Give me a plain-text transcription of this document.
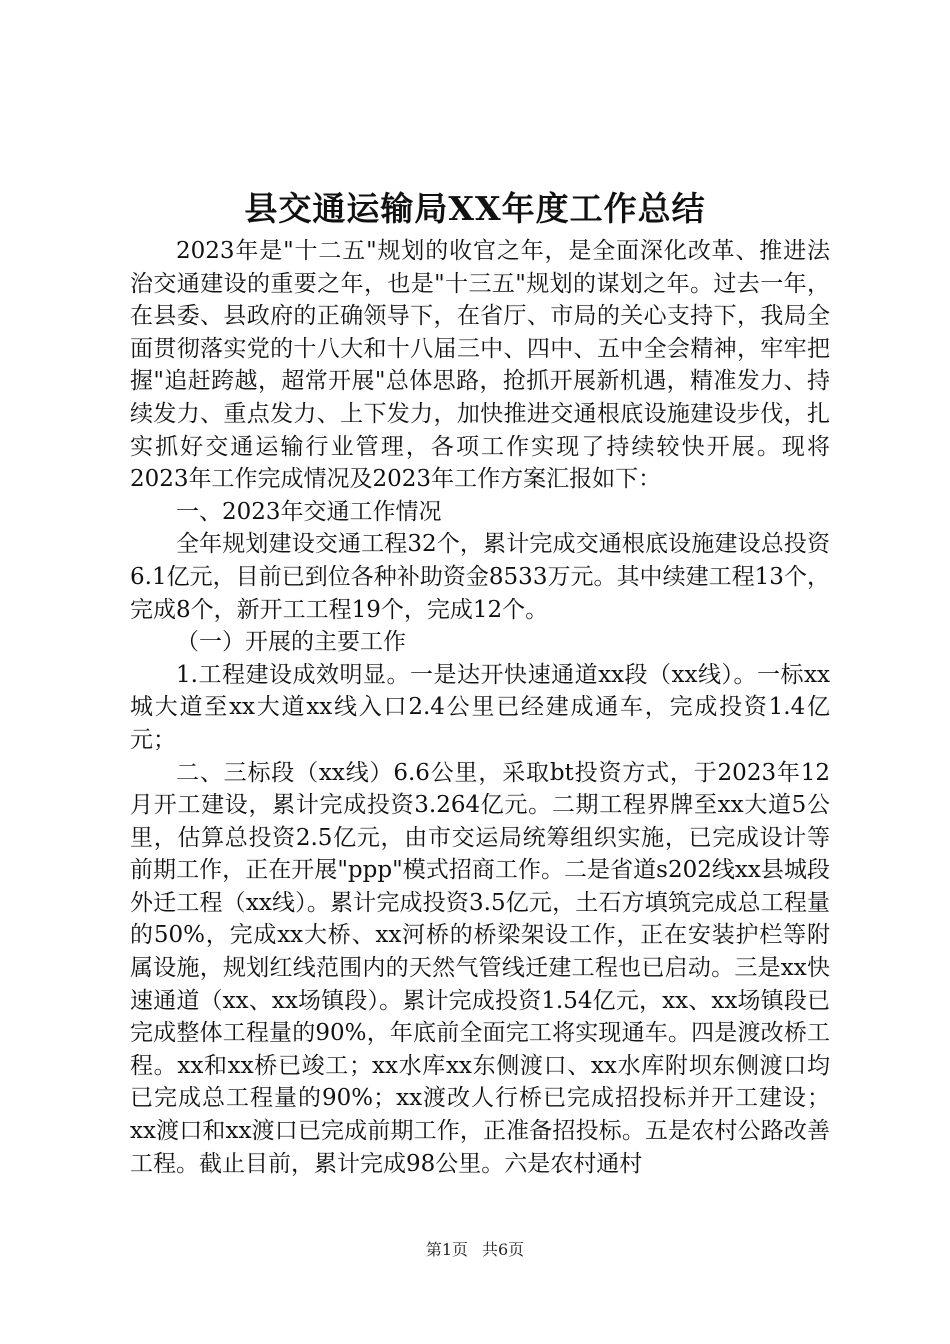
县交通运输局XX年度工作总结

2023年是"十二五"规划的收官之年，是全面深化改革、推进法治交通建设的重要之年，也是"十三五"规划的谋划之年。过去一年，在县委、县政府的正确领导下，在省厅、市局的关心支持下，我局全面贯彻落实党的十八大和十八届三中、四中、五中全会精神，牢牢把握"追赶跨越，超常开展"总体思路，抢抓开展新机遇，精准发力、持续发力、重点发力、上下发力，加快推进交通根底设施建设步伐，扎实抓好交通运输行业管理，各项工作实现了持续较快开展。现将2023年工作完成情况及2023年工作方案汇报如下：

一、2023年交通工作情况

全年规划建设交通工程32个，累计完成交通根底设施建设总投资6.1亿元，目前已到位各种补助资金8533万元。其中续建工程13个，完成8个，新开工工程19个，完成12个。

（一）开展的主要工作

1.工程建设成效明显。一是达开快速通道xx段（xx线）。一标xx城大道至xx大道xx线入口2.4公里已经建成通车，完成投资1.4亿元；

二、三标段（xx线）6.6公里，采取bt投资方式，于2023年12月开工建设，累计完成投资3.264亿元。二期工程界牌至xx大道5公里，估算总投资2.5亿元，由市交运局统筹组织实施，已完成设计等前期工作，正在开展"ppp"模式招商工作。二是省道s202线xx县城段外迁工程（xx线）。累计完成投资3.5亿元，土石方填筑完成总工程量的50%，完成xx大桥、xx河桥的桥梁架设工作，正在安装护栏等附属设施，规划红线范围内的天然气管线迁建工程也已启动。三是xx快速通道（xx、xx场镇段）。累计完成投资1.54亿元，xx、xx场镇段已完成整体工程量的90%，年底前全面完工将实现通车。四是渡改桥工程。xx和xx桥已竣工；xx水库xx东侧渡口、xx水库附坝东侧渡口均已完成总工程量的90%；xx渡改人行桥已完成招投标并开工建设；xx渡口和xx渡口已完成前期工作，正准备招投标。五是农村公路改善工程。截止目前，累计完成98公里。六是农村通村

第1页 共6页
